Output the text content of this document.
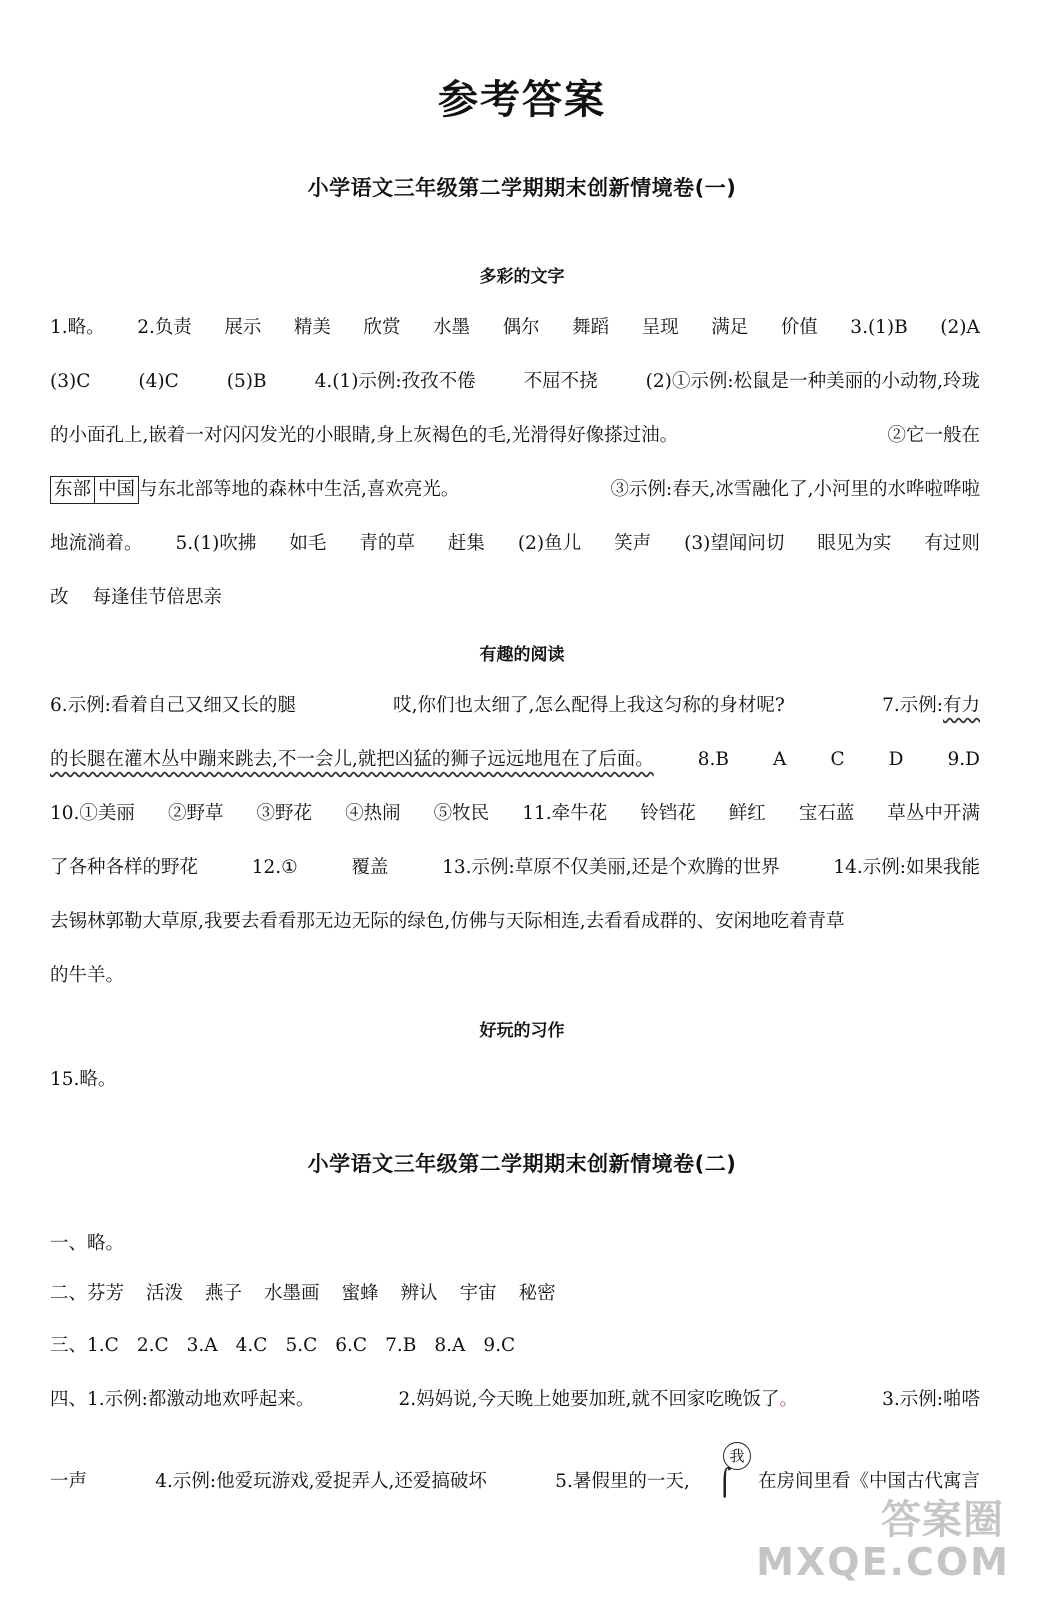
参考答案
小学语文三年级第二学期期末创新情境卷(一)
多彩的文字
1.略。 2.负责 展示 精美 欣赏 水墨 偶尔 舞蹈 呈现 满足 价值 3.(1)B (2)A
(3)C	(4)C	(5)B	4.(1)示例:孜孜不倦	不屈不挠	(2)①示例:松鼠是一种美丽的小动物,玲珑
的小面孔上,嵌着一对闪闪发光的小眼睛,身上灰褐色的毛,光滑得好像搽过油。	②它一般在
东部 中国 与东北部等地的森林中生活,喜欢亮光。	③示例:春天,冰雪融化了,小河里的水哗啦哗啦
地流淌着。 5.(1)吹拂 如毛 青的草 赶集 (2)鱼儿 笑声 (3)望闻问切 眼见为实 有过则
改 每逢佳节倍思亲
有趣的阅读
6.示例:看着自己又细又长的腿	哎,你们也太细了,怎么配得上我这匀称的身材呢?	7.示例:有力
的长腿在灌木丛中蹦来跳去,不一会儿,就把凶猛的狮子远远地甩在了后面。 8.B A C D 9.D
10.①美丽 ②野草 ③野花 ④热闹 ⑤牧民 11.牵牛花 铃铛花 鲜红 宝石蓝 草丛中开满
了各种各样的野花	12.①	覆盖	13.示例:草原不仅美丽,还是个欢腾的世界	14.示例:如果我能
去锡林郭勒大草原,我要去看看那无边无际的绿色,仿佛与天际相连,去看看成群的、安闲地吃着青草
的牛羊。
好玩的习作
15.略。
小学语文三年级第二学期期末创新情境卷(二)
一、略。
二、芬芳 活泼 燕子 水墨画 蜜蜂 辨认 宇宙 秘密
三、1.C 2.C 3.A 4.C 5.C 6.C 7.B 8.A 9.C
四、1.示例:都激动地欢呼起来。	2.妈妈说,今天晚上她要加班,就不回家吃晚饭了。	3.示例:啪嗒
我
⌠
一声	4.示例:他爱玩游戏,爱捉弄人,还爱搞破坏	5.暑假里的一天,	在房间里看《中国古代寓言
答案圈
MXQE.COM
